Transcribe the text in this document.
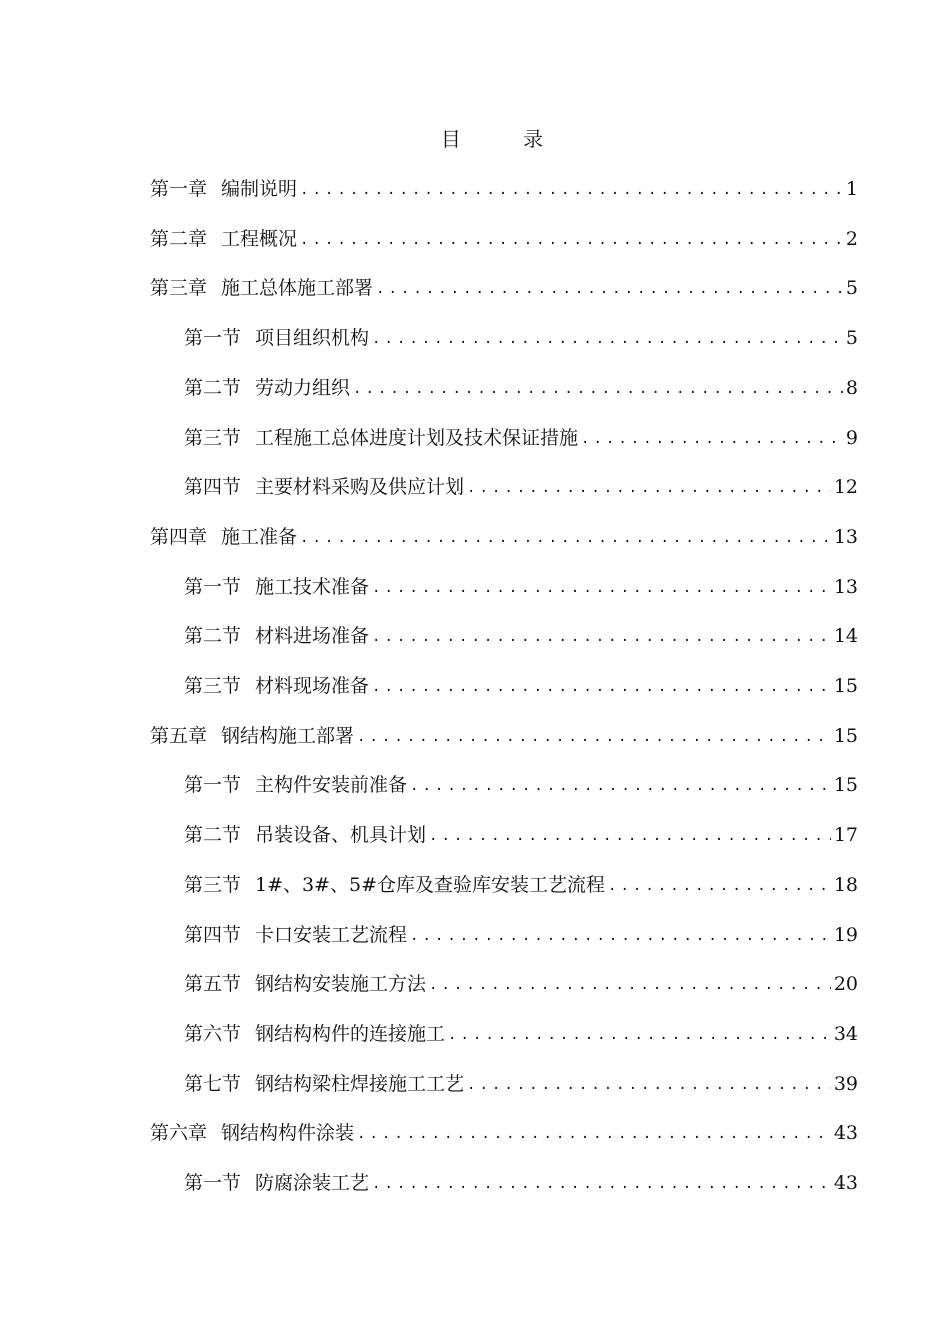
目 录
第一章 编制说明 .....	1
第二章 工程概况 .....	2
第三章 施工总体施工部署 .....	5
第一节 项目组织机构 .....	5
第二节 劳动力组织 .....	8
第三节 工程施工总体进度计划及技术保证措施 .....	9
第四节 主要材料采购及供应计划 .....	12
第四章 施工准备 .....	13
第一节 施工技术准备 .....	13
第二节 材料进场准备 .....	14
第三节 材料现场准备 .....	15
第五章 钢结构施工部署 .....	15
第一节 主构件安装前准备 .....	15
第二节 吊装设备、机具计划 .....	17
第三节 1#、3#、5#仓库及查验库安装工艺流程 .....	18
第四节 卡口安装工艺流程 .....	19
第五节 钢结构安装施工方法 .....	20
第六节 钢结构构件的连接施工 .....	34
第七节 钢结构梁柱焊接施工工艺 .....	39
第六章 钢结构构件涂装 .....	43
第一节 防腐涂装工艺 .....	43
